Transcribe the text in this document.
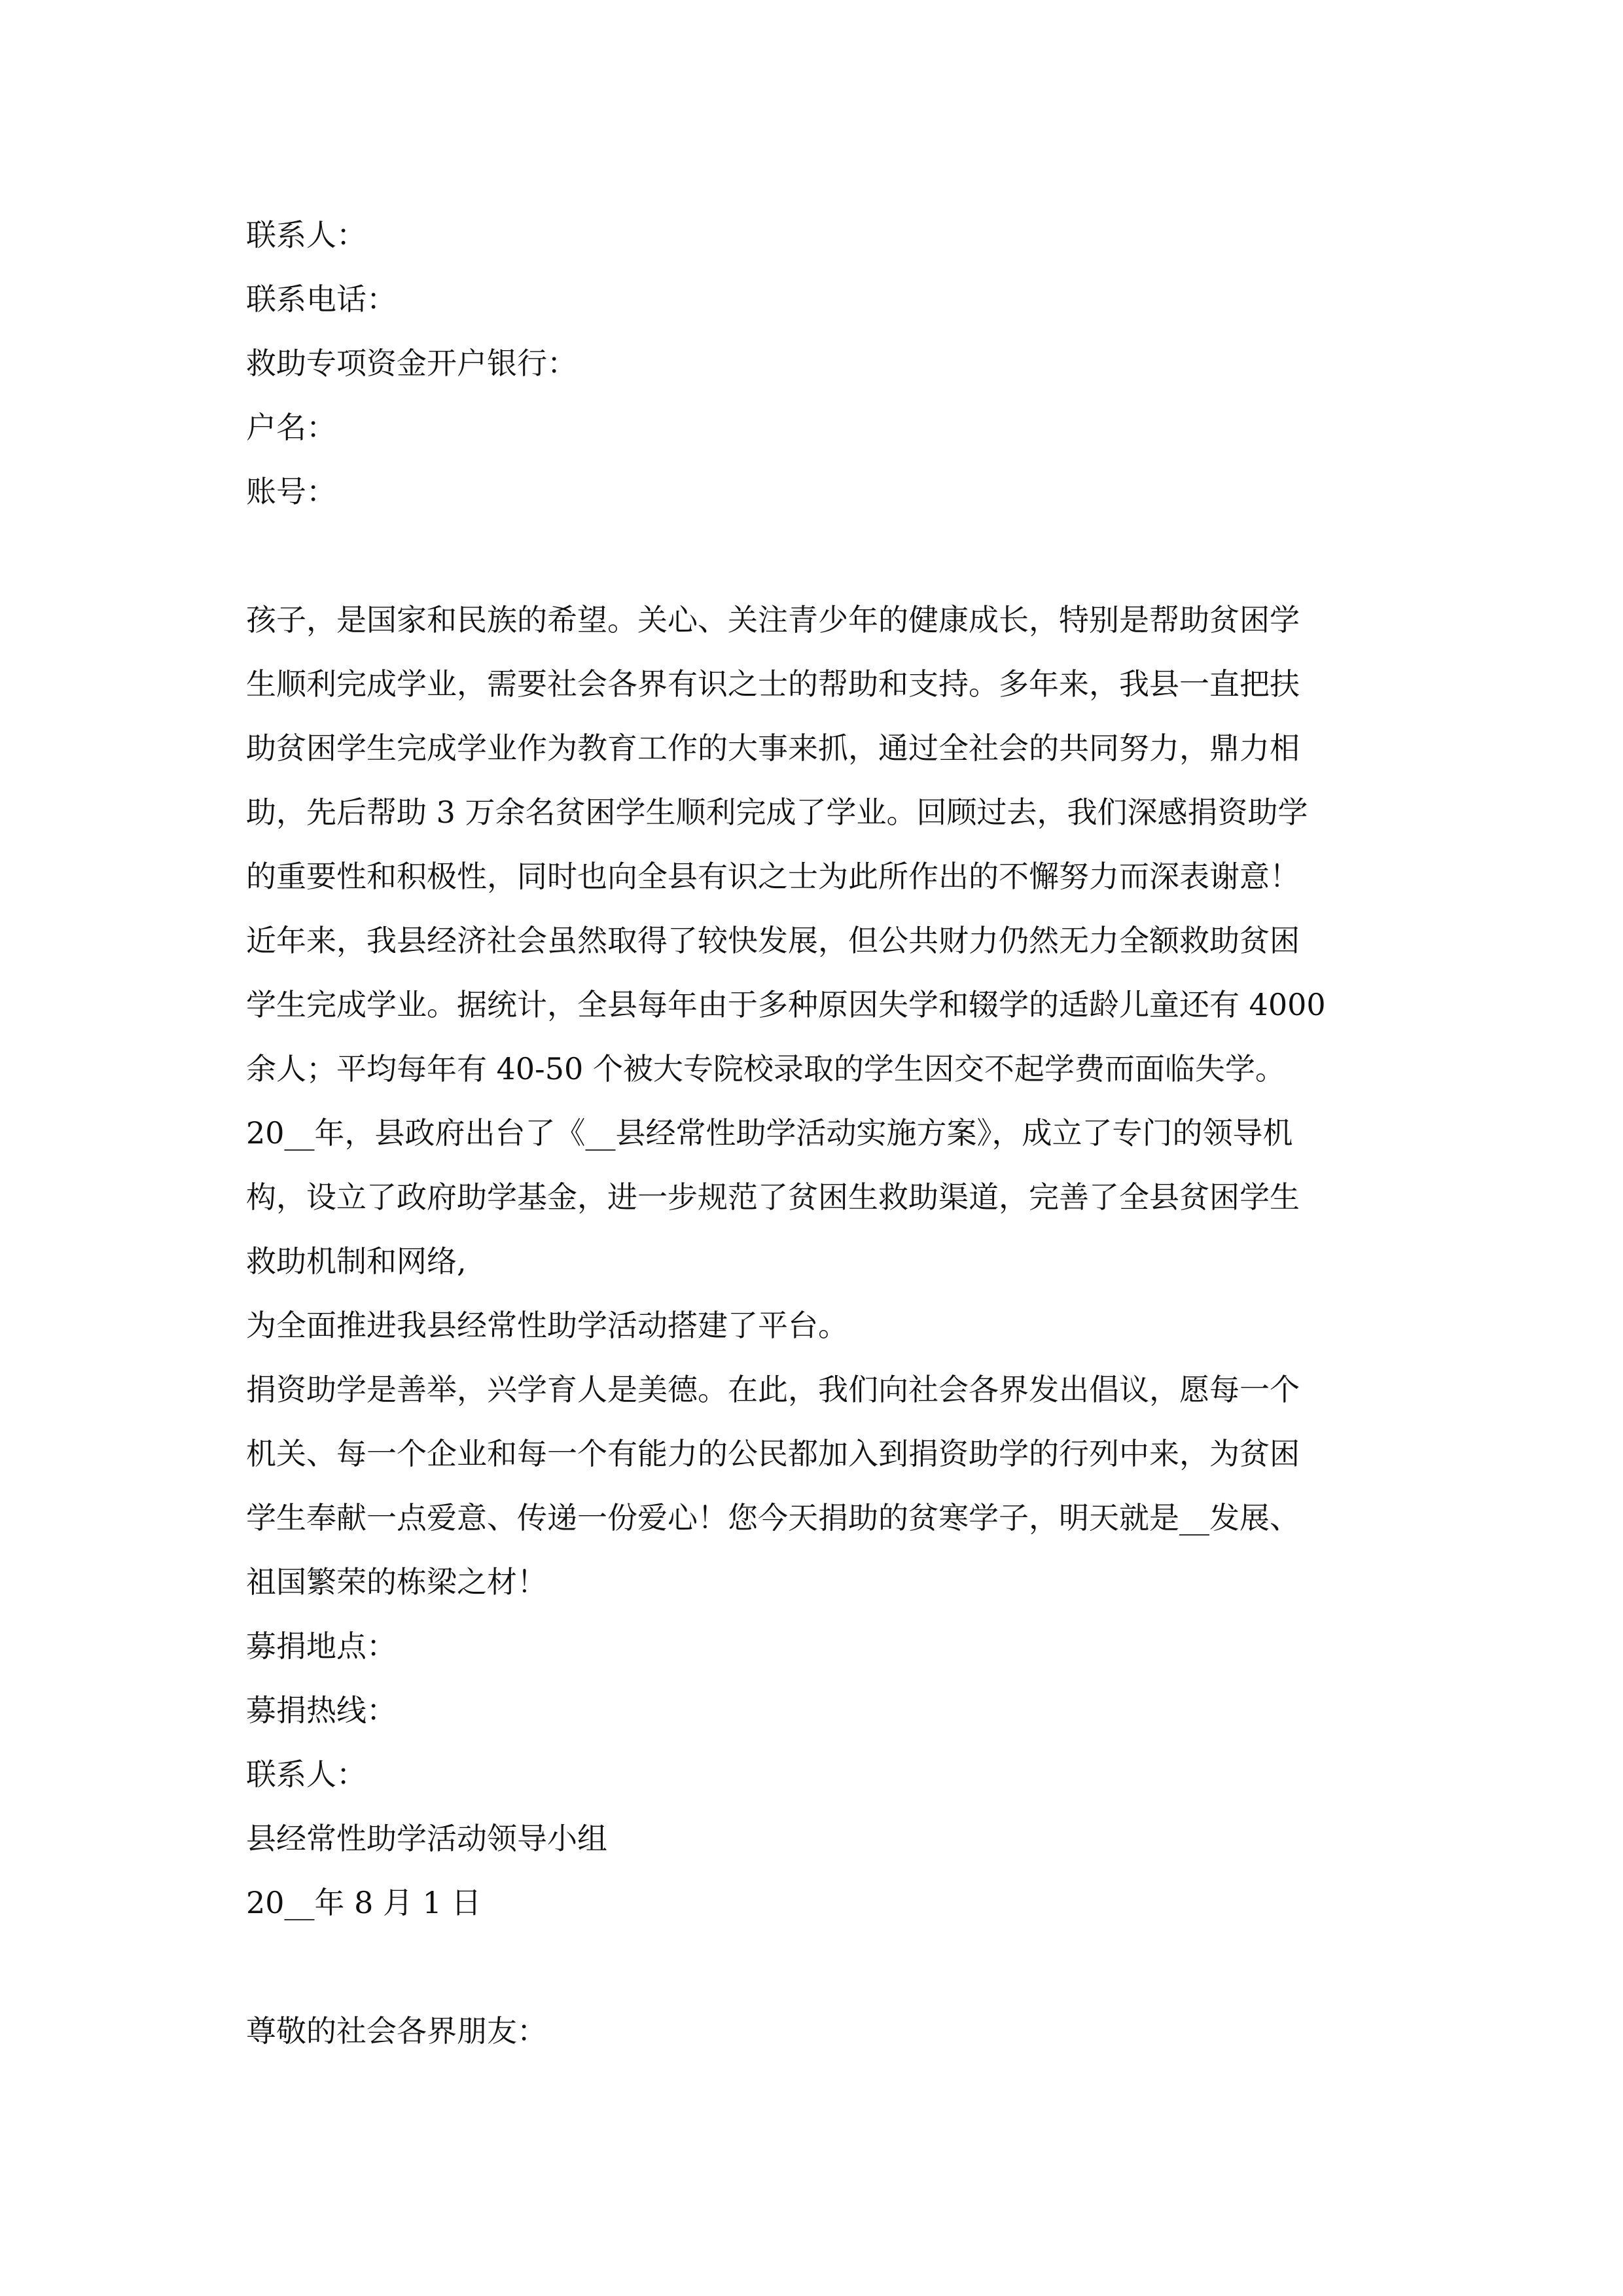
联系人：
联系电话：
救助专项资金开户银行：
户名：
账号：
孩子，是国家和民族的希望。关心、关注青少年的健康成长，特别是帮助贫困学
生顺利完成学业，需要社会各界有识之士的帮助和支持。多年来，我县一直把扶
助贫困学生完成学业作为教育工作的大事来抓，通过全社会的共同努力，鼎力相
助，先后帮助 3 万余名贫困学生顺利完成了学业。回顾过去，我们深感捐资助学
的重要性和积极性，同时也向全县有识之士为此所作出的不懈努力而深表谢意！
近年来，我县经济社会虽然取得了较快发展，但公共财力仍然无力全额救助贫困
学生完成学业。据统计，全县每年由于多种原因失学和辍学的适龄儿童还有 4000
余人；平均每年有 40-50 个被大专院校录取的学生因交不起学费而面临失学。
20__年，县政府出台了《__县经常性助学活动实施方案》，成立了专门的领导机
构，设立了政府助学基金，进一步规范了贫困生救助渠道，完善了全县贫困学生
救助机制和网络,
为全面推进我县经常性助学活动搭建了平台。
捐资助学是善举，兴学育人是美德。在此，我们向社会各界发出倡议，愿每一个
机关、每一个企业和每一个有能力的公民都加入到捐资助学的行列中来，为贫困
学生奉献一点爱意、传递一份爱心！您今天捐助的贫寒学子，明天就是__发展、
祖国繁荣的栋梁之材！
募捐地点：
募捐热线：
联系人：
县经常性助学活动领导小组
20__年 8 月 1 日
尊敬的社会各界朋友：
